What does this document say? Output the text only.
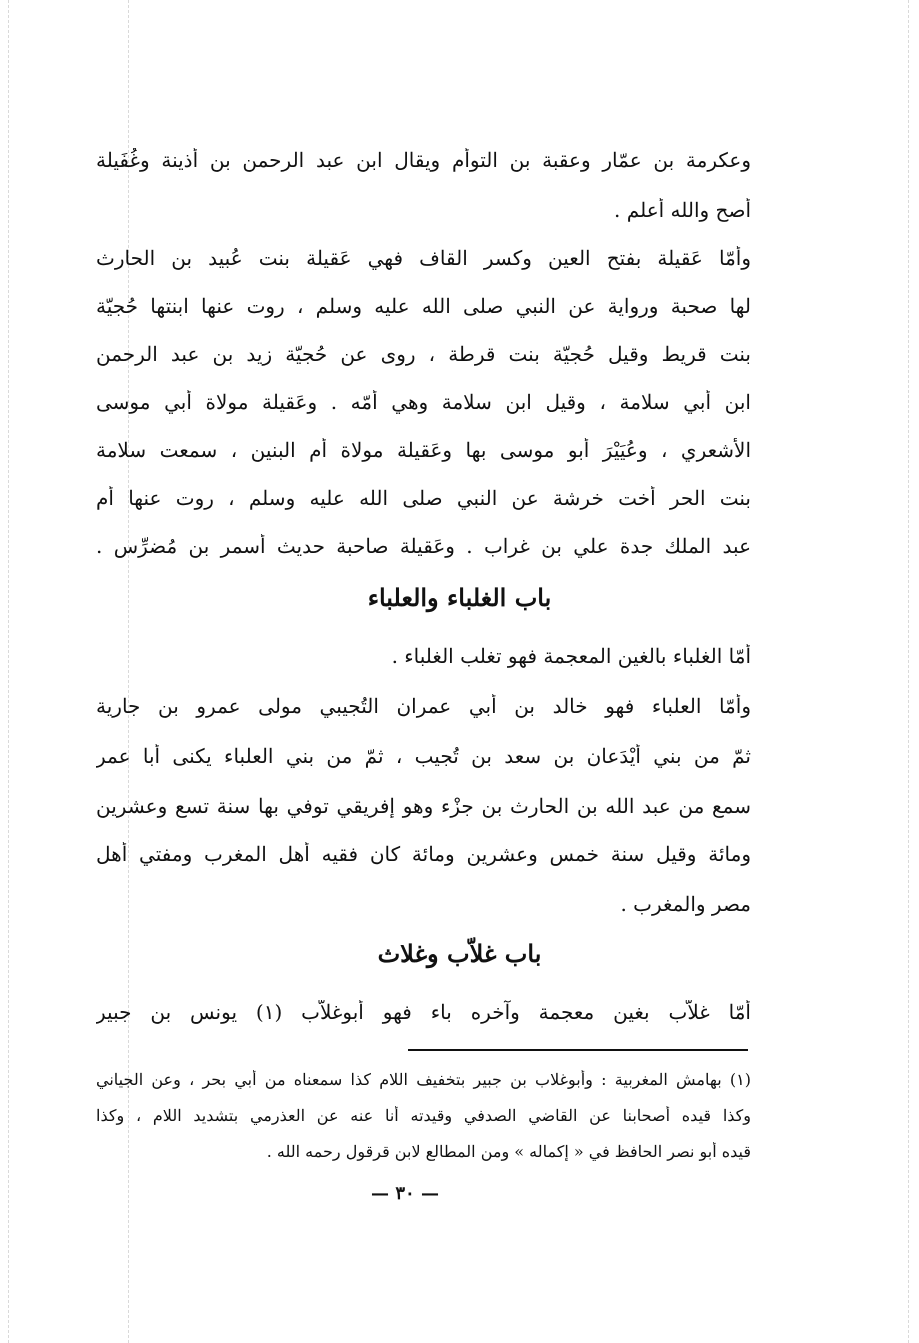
وعكرمة بن عمّار وعقبة بن التوأم ويقال ابن عبد الرحمن بن أُذينة وغُفَيلة
أصح والله أعلم .
وأمّا عَقيلة بفتح العين وكسر القاف فهي عَقيلة بنت عُبيد بن الحارث
لها صحبة ورواية عن النبي صلى الله عليه وسلم ، روت عنها ابنتها حُجيّة
بنت قريط وقيل حُجيّة بنت قرطة ، روى عن حُجيّة زيد بن عبد الرحمن
ابن أبي سلامة ، وقيل ابن سلامة وهي أمّه . وعَقيلة مولاة أبي موسى
الأشعري ، وعُيَيْرَ أبو موسى بها وعَقيلة مولاة أم البنين ، سمعت سلامة
بنت الحر أخت خرشة عن النبي صلى الله عليه وسلم ، روت عنها أم
عبد الملك جدة علي بن غراب . وعَقيلة صاحبة حديث أسمر بن مُضرِّس .
باب الغلباء والعلباء
أمّا الغلباء بالغين المعجمة فهو تغلب الغلباء .
وأمّا العلباء فهو خالد بن أبي عمران التُجيبي مولى عمرو بن جارية
ثمّ من بني أَيْدَعان بن سعد بن تُجيب ، ثمّ من بني العلباء يكنى أبا عمر
سمع من عبد الله بن الحارث بن جزْء وهو إفريقي توفي بها سنة تسع وعشرين
ومائة وقيل سنة خمس وعشرين ومائة كان فقيه أهل المغرب ومفتي أهل
مصر والمغرب .
باب غلاّب وغلاث
أمّا غلاّب بغين معجمة وآخره باء فهو أبوغلاّب (١) يونس بن جبير
(١) بهامش المغربية : وأبوغلاب بن جبير بتخفيف اللام كذا سمعناه من أبي بحر ، وعن الجياني
وكذا قيده أصحابنا عن القاضي الصدفي وقيدته أنا عنه عن العذرمي بتشديد اللام ، وكذا
قيده أبو نصر الحافظ في « إكماله » ومن المطالع لابن قرقول رحمه الله .
— ٣٠ —
